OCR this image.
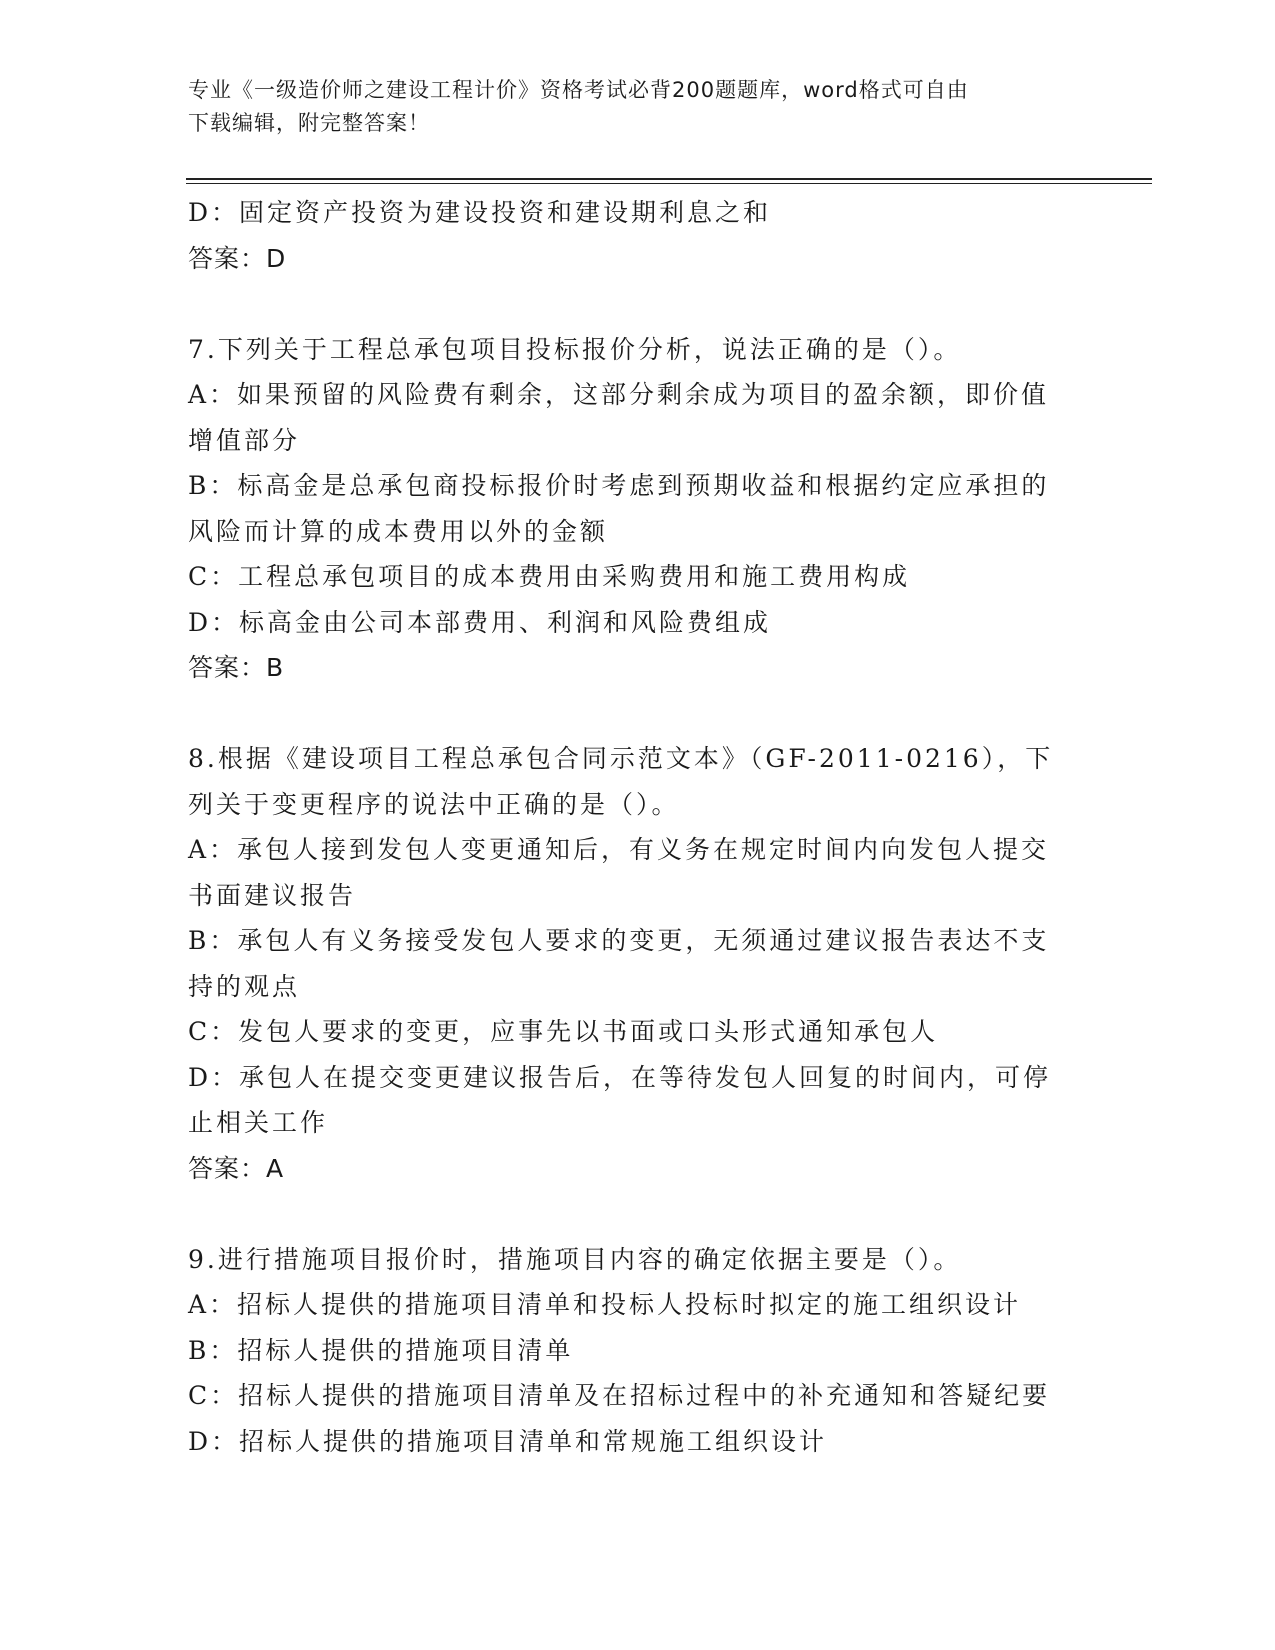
专业《一级造价师之建设工程计价》资格考试必背200题题库，word格式可自由
下载编辑，附完整答案！
D：固定资产投资为建设投资和建设期利息之和
答案：D
7.下列关于工程总承包项目投标报价分析，说法正确的是（）。
A：如果预留的风险费有剩余，这部分剩余成为项目的盈余额，即价值
增值部分
B：标高金是总承包商投标报价时考虑到预期收益和根据约定应承担的
风险而计算的成本费用以外的金额
C：工程总承包项目的成本费用由采购费用和施工费用构成
D：标高金由公司本部费用、利润和风险费组成
答案：B
8.根据《建设项目工程总承包合同示范文本》（GF-2011-0216），下
列关于变更程序的说法中正确的是（）。
A：承包人接到发包人变更通知后，有义务在规定时间内向发包人提交
书面建议报告
B：承包人有义务接受发包人要求的变更，无须通过建议报告表达不支
持的观点
C：发包人要求的变更，应事先以书面或口头形式通知承包人
D：承包人在提交变更建议报告后，在等待发包人回复的时间内，可停
止相关工作
答案：A
9.进行措施项目报价时，措施项目内容的确定依据主要是（）。
A：招标人提供的措施项目清单和投标人投标时拟定的施工组织设计
B：招标人提供的措施项目清单
C：招标人提供的措施项目清单及在招标过程中的补充通知和答疑纪要
D：招标人提供的措施项目清单和常规施工组织设计
